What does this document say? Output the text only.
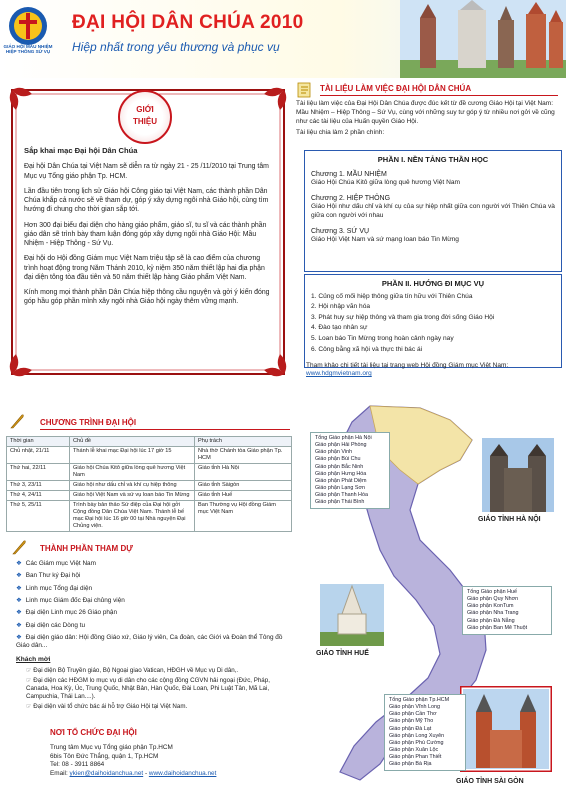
GIÁO HỘI MẪU NHIỆM HIỆP THÔNG SỨ VỤ
ĐẠI HỘI DÂN CHÚA 2010
Hiệp nhất trong yêu thương và phục vụ
GIỚI
THIỆU

Sắp khai mạc Đại hội Dân Chúa

Đại hội Dân Chúa tại Việt Nam sẽ diễn ra từ ngày 21 - 25 /11/2010 tại Trung tâm Mục vụ Tổng giáo phận Tp. HCM.

Lần đầu tiên trong lịch sử Giáo hội Công giáo tại Việt Nam, các thành phần Dân Chúa khắp cả nước sẽ về tham dự, góp ý xây dựng ngôi nhà Giáo hội, cùng tìm hướng đi chung cho thời gian sắp tới.

Hơn 300 đại biểu đại diện cho hàng giáo phẩm, giáo sĩ, tu sĩ và các thành phần giáo dân sẽ trình bày tham luận đóng góp xây dựng ngôi nhà Giáo Hội: Mầu Nhiệm - Hiệp Thông - Sứ Vụ.

Đại hội do Hội đồng Giám mục Việt Nam triệu tập sẽ là cao điểm của chương trình hoạt động trong Năm Thánh 2010, kỷ niệm 350 năm thiết lập hai địa phận đại diện tông tòa đầu tiên và 50 năm thiết lập hàng Giáo phẩm Việt Nam.

Kính mong mọi thành phần Dân Chúa hiệp thông cầu nguyện và gởi ý kiến đóng góp hầu góp phần mình xây ngôi nhà Giáo hội ngày thêm vững mạnh.

TÀI LIỆU LÀM VIỆC ĐẠI HỘI DÂN CHÚA
Tài liệu làm việc của Đại Hội Dân Chúa được đúc kết từ đề cương Giáo Hội tại Việt Nam: Mầu Nhiệm – Hiệp Thông – Sứ Vụ, cùng với những suy tư góp ý từ nhiều nơi gởi về cũng như các tài liệu của Huấn quyền Giáo Hội.
Tài liệu chia làm 2 phần chính:
PHẦN I. NỀN TẢNG THẦN HỌC

Chương 1. MẦU NHIỆM
Giáo Hội Chúa Kitô giữa lòng quê hương Việt Nam

Chương 2. HIỆP THÔNG
Giáo Hội như dấu chỉ và khí cụ của sự hiệp nhất giữa con người với Thiên Chúa và giữa con người với nhau

Chương 3. SỨ VỤ
Giáo Hội Việt Nam và sứ mạng loan báo Tin Mừng

PHẦN II. HƯỚNG ĐI MỤC VỤ
1. Củng cố mối hiệp thông giữa tín hữu với Thiên Chúa
2. Hội nhập văn hóa
3. Phát huy sự hiệp thông và tham gia trong đời sống Giáo Hội
4. Đào tạo nhân sự
5. Loan báo Tin Mừng trong hoàn cảnh ngày nay
6. Công bằng xã hội và thực thi bác ái
Tham khảo chi tiết tài liệu tại trang web Hội đồng Giám mục Việt Nam:
www.hdgmvietnam.org
CHƯƠNG TRÌNH ĐẠI HỘI
Thời gian	Chủ đề	Phụ trách
Chủ nhật, 21/11	Thánh lễ khai mạc Đại hội lúc 17 giờ 15	Nhà thờ Chánh tòa Giáo phận Tp. HCM
Thứ hai, 22/11	Giáo hội Chúa Kitô giữa lòng quê hương Việt Nam	Giáo tỉnh Hà Nội
Thứ 3, 23/11	Giáo hội như dấu chỉ và khí cụ hiệp thông	Giáo tỉnh Sàigòn
Thứ 4, 24/11	Giáo hội Việt Nam và sứ vụ loan báo Tin Mừng	Giáo tỉnh Huế
Thứ 5, 25/11	Trình bày bản thảo Sứ điệp của Đại hội gởi Cộng đồng Dân Chúa Việt Nam. Thánh lễ bế mạc Đại hội lúc 16 giờ 00 tại Nhà nguyện Đại Chủng viện.	Ban Thường vụ Hội đồng Giám mục Việt Nam
THÀNH PHẦN THAM DỰ
❖ Các Giám mục Việt Nam
❖ Ban Thư ký Đại hội
❖ Linh mục Tổng đại diện
❖ Linh mục Giám đốc Đại chủng viện
❖ Đại diện Linh mục 26 Giáo phận
❖ Đại diện các Dòng tu
❖ Đại diện giáo dân: Hội đồng Giáo xứ, Giáo lý viên, Ca đoàn, các Giới và Đoàn thể Tông đồ Giáo dân...
Khách mời
☞ Đại diện Bộ Truyền giáo, Bộ Ngoại giao Vatican, HĐGH về Mục vụ Di dân,.
☞ Đại diện các HĐGM lo mục vụ di dân cho các cộng đồng CGVN hải ngoại (Đức, Pháp, Canada, Hoa Kỳ, Úc, Trung Quốc, Nhật Bản, Hàn Quốc, Đài Loan, Phi Luật Tân, Mã Lai, Campuchia, Thái Lan....).
☞ Đại diện vài tổ chức bác ái hỗ trợ Giáo Hội tại Việt Nam.
NƠI TỔ CHỨC ĐẠI HỘI
Trung tâm Mục vụ Tổng giáo phận Tp.HCM
6bis Tôn Đức Thắng, quận 1, Tp.HCM
Tel: 08 - 3911 8864
Email: ykien@daihoidanchua.net - www.daihoidanchua.net
GIÁO TỈNH HÀ NỘI
Tổng Giáo phận Hà Nội
Giáo phận Hải Phòng
Giáo phận Vinh
Giáo phận Bùi Chu
Giáo phận Bắc Ninh
Giáo phận Hưng Hóa
Giáo phận Phát Diệm
Giáo phận Lạng Sơn
Giáo phận Thanh Hóa
Giáo phận Thái Bình
GIÁO TỈNH HUẾ
Tổng Giáo phận Huế
Giáo phận Quy Nhơn
Giáo phận KonTum
Giáo phận Nha Trang
Giáo phận Đà Nẵng
Giáo phận Ban Mê Thuột
GIÁO TỈNH SÀI GÒN
Tổng Giáo phận Tp.HCM
Giáo phận Vĩnh Long
Giáo phận Cần Thơ
Giáo phận Mỹ Tho
Giáo phận Đà Lạt
Giáo phận Long Xuyên
Giáo phận Phú Cường
Giáo phận Xuân Lộc
Giáo phận Phan Thiết
Giáo phận Bà Rịa
